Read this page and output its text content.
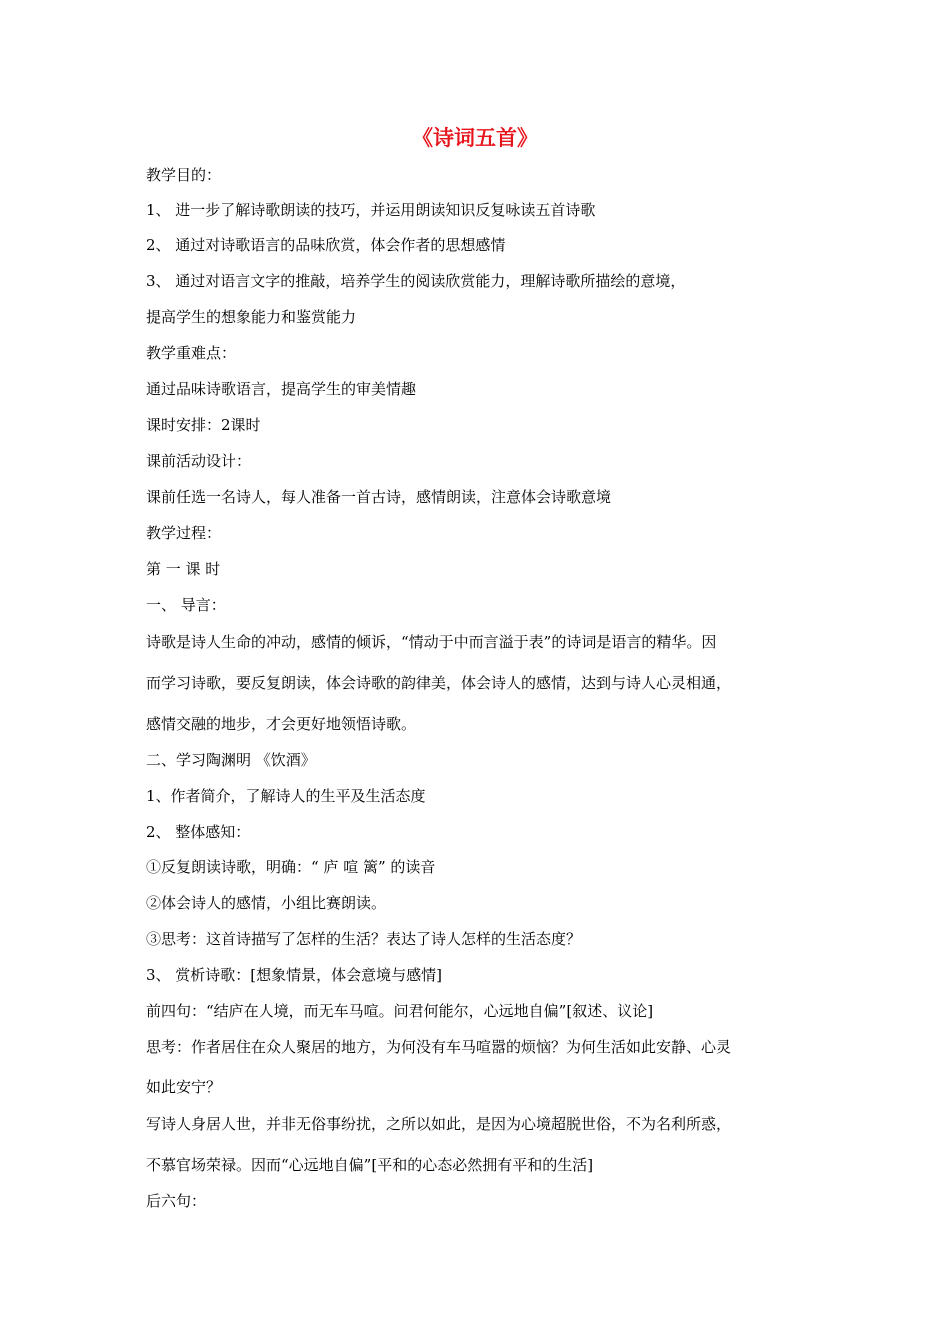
《诗词五首》
教学目的：
1、 进一步了解诗歌朗读的技巧，并运用朗读知识反复咏读五首诗歌
2、 通过对诗歌语言的品味欣赏，体会作者的思想感情
3、 通过对语言文字的推敲，培养学生的阅读欣赏能力，理解诗歌所描绘的意境，
提高学生的想象能力和鉴赏能力
教学重难点：
通过品味诗歌语言，提高学生的审美情趣
课时安排：2课时
课前活动设计：
课前任选一名诗人，每人准备一首古诗，感情朗读，注意体会诗歌意境
教学过程：
第 一 课 时
一、 导言：
诗歌是诗人生命的冲动，感情的倾诉，“情动于中而言溢于表”的诗词是语言的精华。因
而学习诗歌，要反复朗读，体会诗歌的韵律美，体会诗人的感情，达到与诗人心灵相通，
感情交融的地步，才会更好地领悟诗歌。
二、学习陶渊明 《饮酒》
1、作者简介，了解诗人的生平及生活态度
2、 整体感知：
①反复朗读诗歌，明确：“ 庐 喧 篱” 的读音
②体会诗人的感情，小组比赛朗读。
③思考：这首诗描写了怎样的生活？表达了诗人怎样的生活态度？
3、 赏析诗歌：[想象情景，体会意境与感情]
前四句：“结庐在人境，而无车马喧。问君何能尔，心远地自偏”[叙述、议论]
思考：作者居住在众人聚居的地方，为何没有车马喧嚣的烦恼？为何生活如此安静、心灵
如此安宁？
写诗人身居人世，并非无俗事纷扰，之所以如此，是因为心境超脱世俗，不为名利所惑，
不慕官场荣禄。因而“心远地自偏”[平和的心态必然拥有平和的生活]
后六句：
